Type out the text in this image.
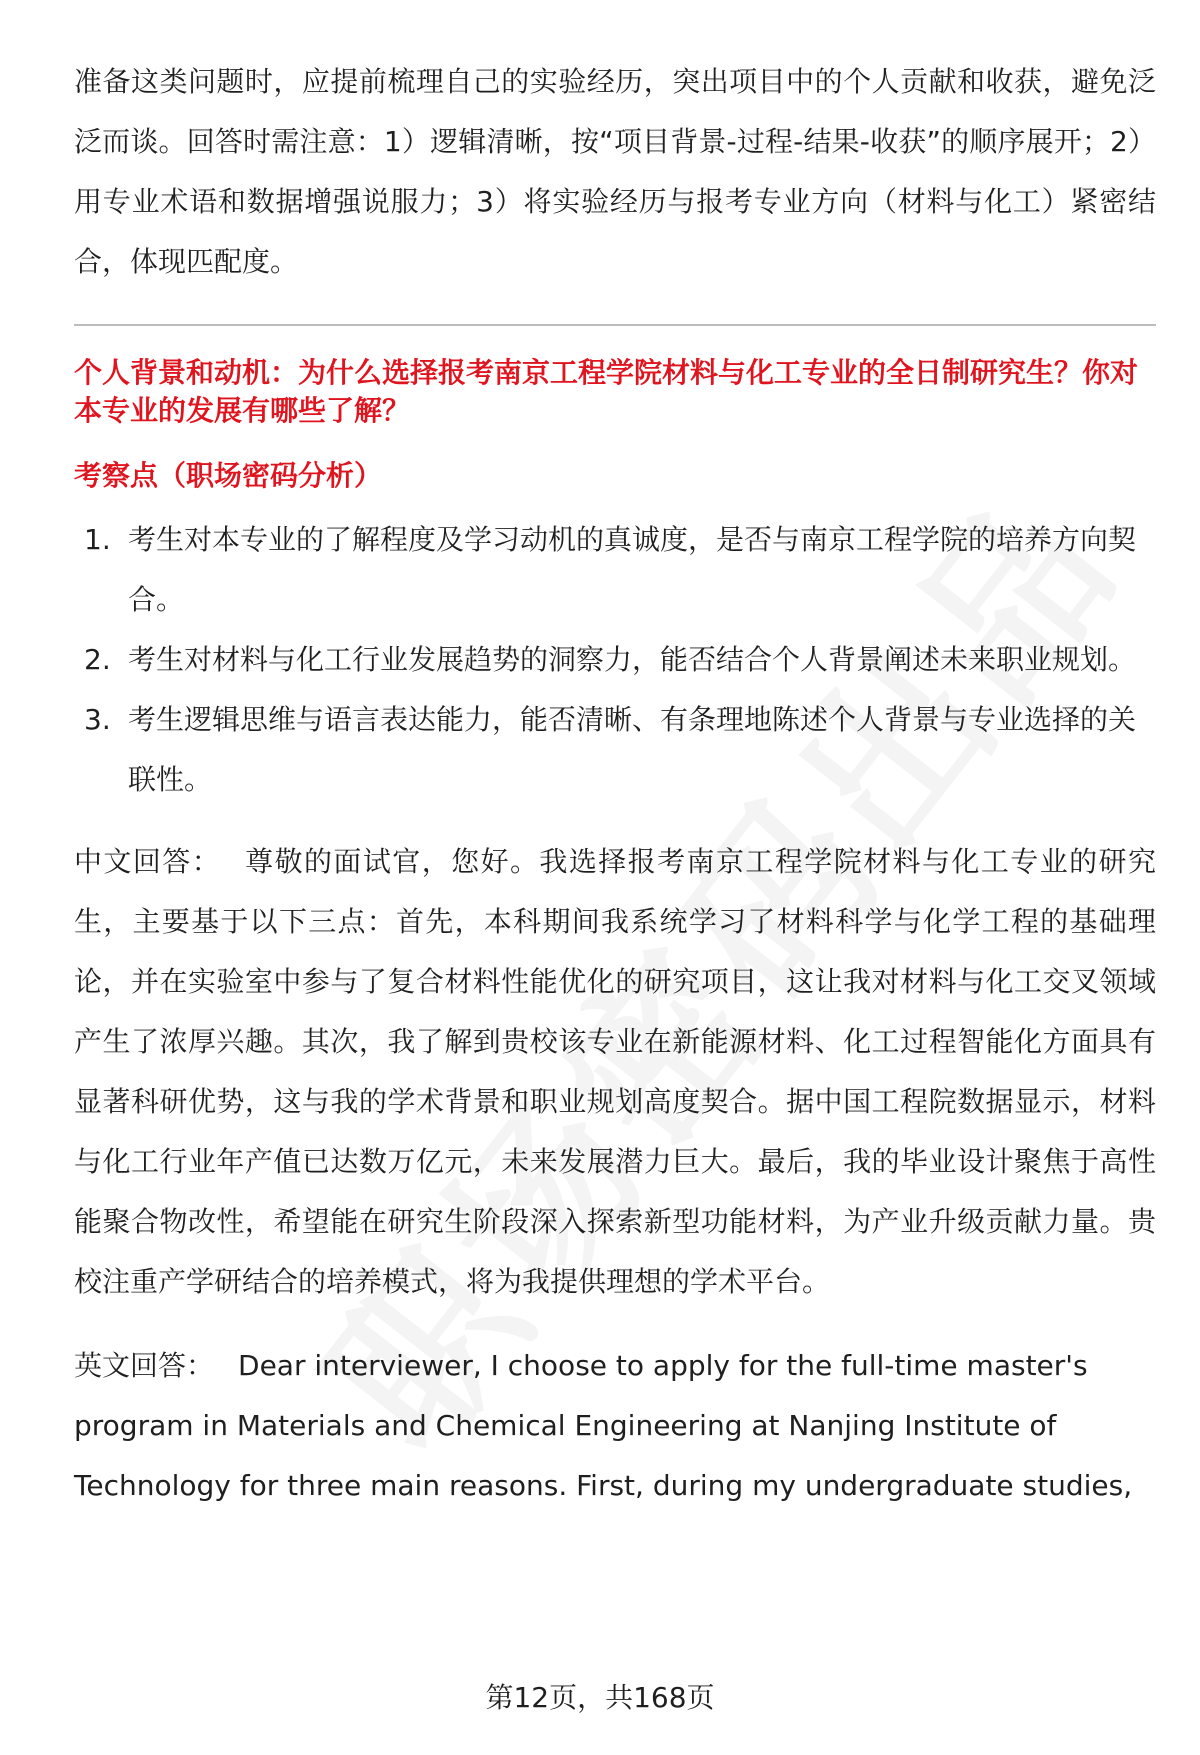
准备这类问题时，应提前梳理自己的实验经历，突出项目中的个人贡献和收获，避免泛泛而谈。回答时需注意：1）逻辑清晰，按“项目背景-过程-结果-收获”的顺序展开；2）用专业术语和数据增强说服力；3）将实验经历与报考专业方向（材料与化工）紧密结合，体现匹配度。

个人背景和动机：为什么选择报考南京工程学院材料与化工专业的全日制研究生？你对本专业的发展有哪些了解？

考察点（职场密码分析）

1. 考生对本专业的了解程度及学习动机的真诚度，是否与南京工程学院的培养方向契合。
2. 考生对材料与化工行业发展趋势的洞察力，能否结合个人背景阐述未来职业规划。
3. 考生逻辑思维与语言表达能力，能否清晰、有条理地陈述个人背景与专业选择的关联性。

中文回答： 尊敬的面试官，您好。我选择报考南京工程学院材料与化工专业的研究生，主要基于以下三点：首先，本科期间我系统学习了材料科学与化学工程的基础理论，并在实验室中参与了复合材料性能优化的研究项目，这让我对材料与化工交叉领域产生了浓厚兴趣。其次，我了解到贵校该专业在新能源材料、化工过程智能化方面具有显著科研优势，这与我的学术背景和职业规划高度契合。据中国工程院数据显示，材料与化工行业年产值已达数万亿元，未来发展潜力巨大。最后，我的毕业设计聚焦于高性能聚合物改性，希望能在研究生阶段深入探索新型功能材料，为产业升级贡献力量。贵校注重产学研结合的培养模式，将为我提供理想的学术平台。

英文回答： Dear interviewer, I choose to apply for the full-time master's program in Materials and Chemical Engineering at Nanjing Institute of Technology for three main reasons. First, during my undergraduate studies,

第12页，共168页
